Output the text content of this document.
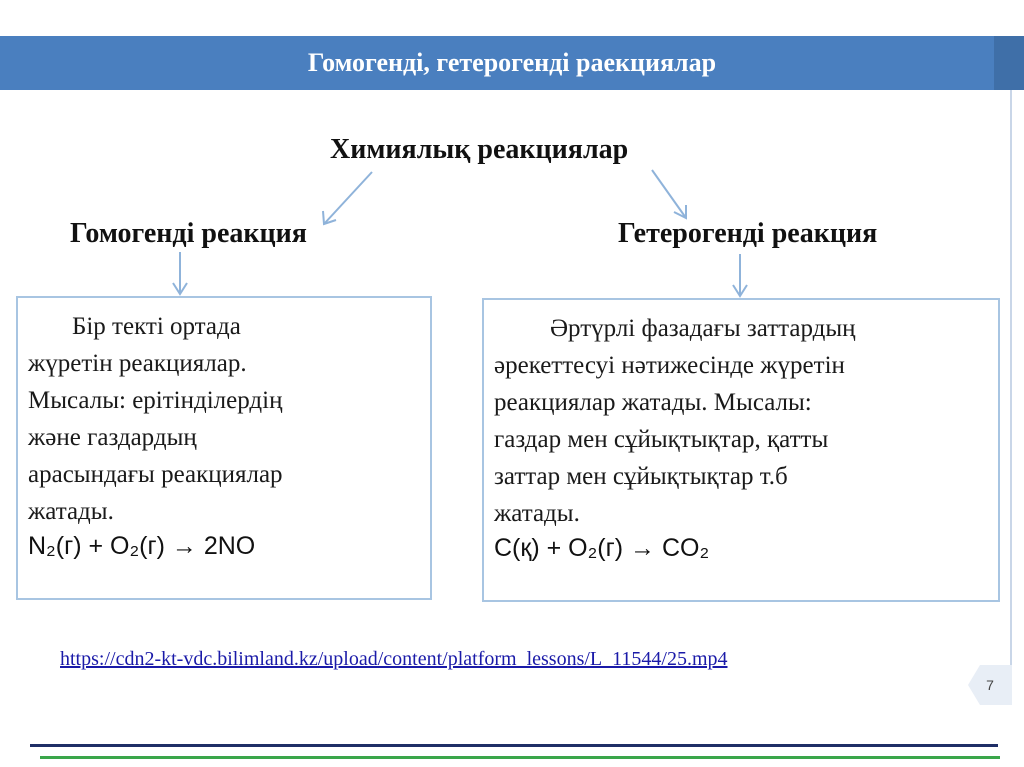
Гомогенді, гетерогенді раекциялар
Химиялық реакциялар
Гомогенді реакция	Гетерогенді реакция

Бір текті ортада

жүретін реакциялар.

Мысалы: ерітінділердің

және газдардың

арасындағы реакциялар

жатады.

N₂(г) + O₂(г) → 2NO

Әртүрлі фазадағы заттардың

әрекеттесуі нәтижесінде жүретін

реакциялар жатады. Мысалы:

газдар мен сұйықтықтар, қатты

заттар мен сұйықтықтар т.б

жатады.

С(қ) + O₂(г) → СO₂
https://cdn2-kt-vdc.bilimland.kz/upload/content/platform_lessons/L_11544/25.mp4
7
